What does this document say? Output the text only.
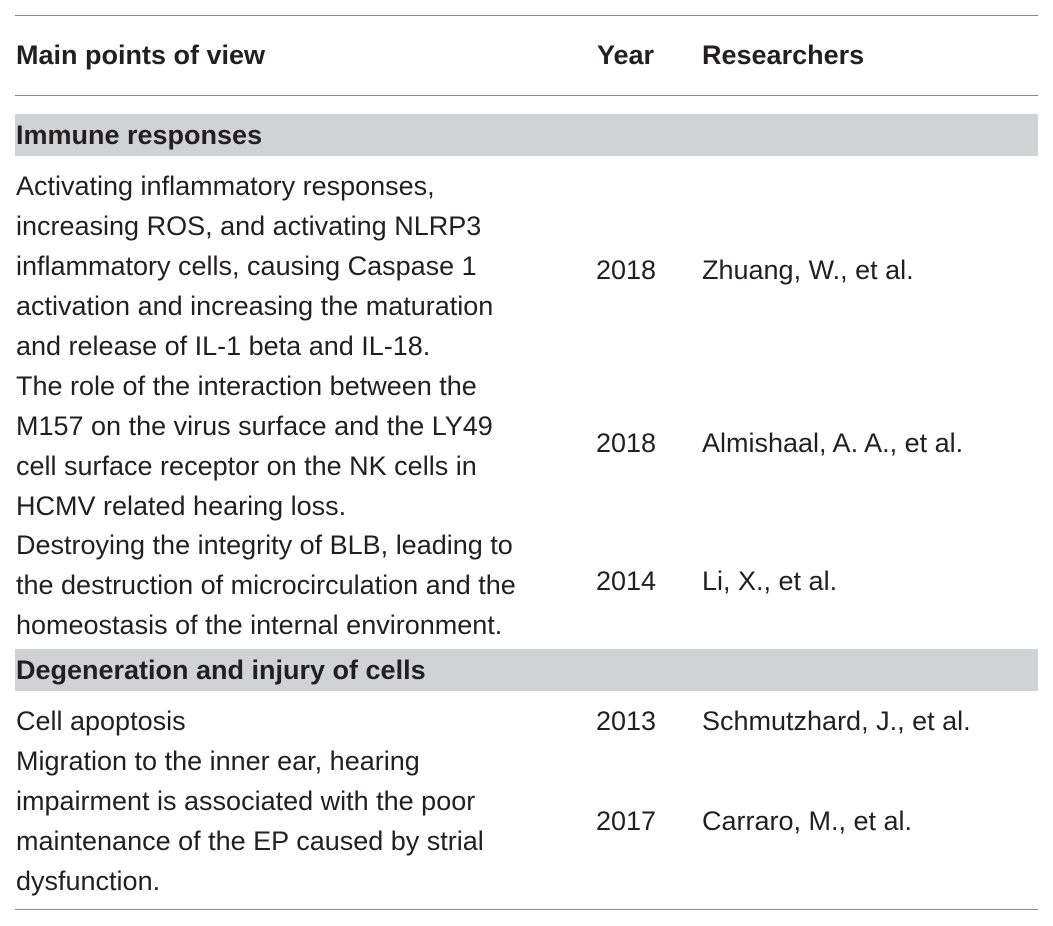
Main points of view	Year Researchers
Immune responses
Activating inflammatory responses,
increasing ROS, and activating NLRP3
inflammatory cells, causing Caspase 1
activation and increasing the maturation
and release of IL-1 beta and IL-18.
2018 Zhuang, W., et al.
The role of the interaction between the
M157 on the virus surface and the LY49
cell surface receptor on the NK cells in
HCMV related hearing loss.
2018 Almishaal, A. A., et al.
Destroying the integrity of BLB, leading to
the destruction of microcirculation and the
homeostasis of the internal environment.
2014 Li, X., et al.
Degeneration and injury of cells
Cell apoptosis	2013 Schmutzhard, J., et al.
Migration to the inner ear, hearing
impairment is associated with the poor
maintenance of the EP caused by strial
dysfunction.
2017 Carraro, M., et al.
